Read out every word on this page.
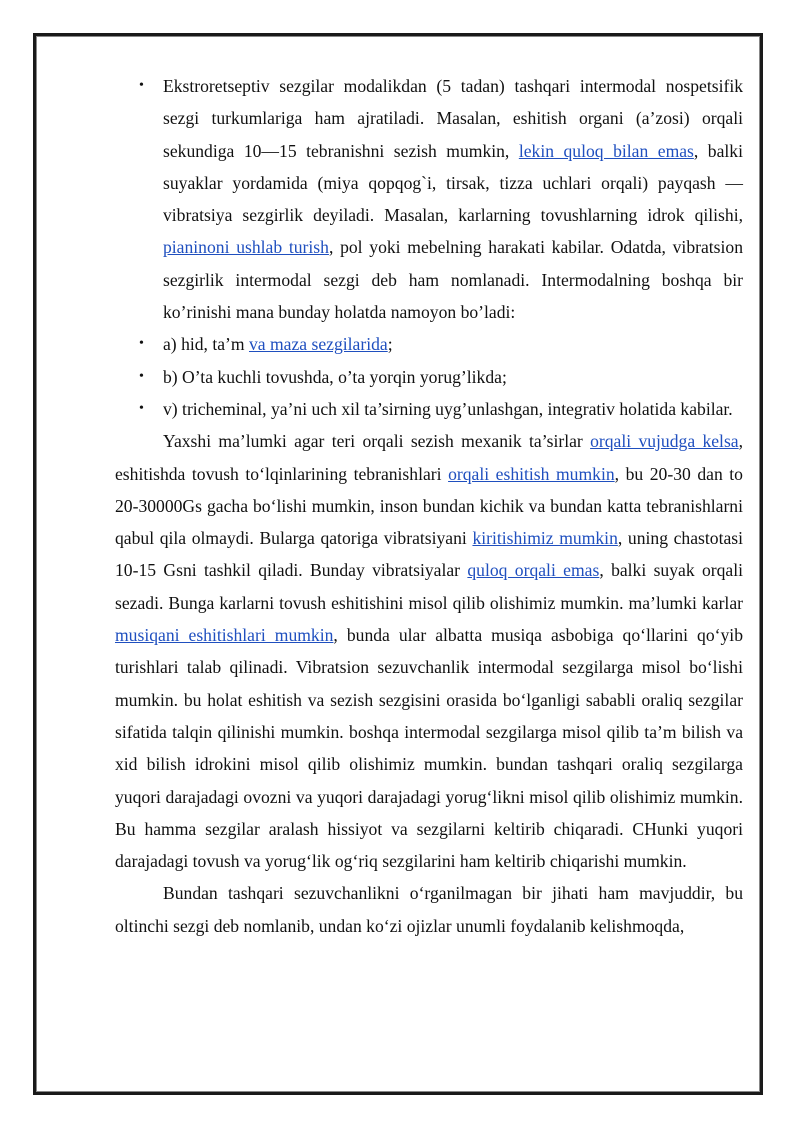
• Ekstroretseptiv sezgilar modalikdan (5 tadan) tashqari intermodal nospetsifik sezgi turkumlariga ham ajratiladi. Masalan, eshitish organi (a’zosi) orqali sekundiga 10—15 tebranishni sezish mumkin, lekin quloq bilan emas, balki suyaklar yordamida (miya qopqog`i, tirsak, tizza uchlari orqali) payqash — vibratsiya sezgirlik deyiladi. Masalan, karlarning tovushlarning idrok qilishi, pianinoni ushlab turish, pol yoki mebelning harakati kabilar. Odatda, vibratsion sezgirlik intermodal sezgi deb ham nomlanadi. Intermodalning boshqa bir ko’rinishi mana bunday holatda namoyon bo’ladi:
• a) hid, ta’m va maza sezgilarida;
• b) O’ta kuchli tovushda, o’ta yorqin yorug’likda;
• v) tricheminal, ya’ni uch xil ta’sirning uyg’unlashgan, integrativ holatida kabilar.

Yaxshi ma’lumki agar teri orqali sezish mexanik ta’sirlar orqali vujudga kelsa, eshitishda tovush to‘lqinlarining tebranishlari orqali eshitish mumkin, bu 20-30 dan to 20-30000Gs gacha bo‘lishi mumkin, inson bundan kichik va bundan katta tebranishlarni qabul qila olmaydi. Bularga qatoriga vibratsiyani kiritishimiz mumkin, uning chastotasi 10-15 Gsni tashkil qiladi. Bunday vibratsiyalar quloq orqali emas, balki suyak orqali sezadi. Bunga karlarni tovush eshitishini misol qilib olishimiz mumkin. ma’lumki karlar musiqani eshitishlari mumkin, bunda ular albatta musiqa asbobiga qo‘llarini qo‘yib turishlari talab qilinadi. Vibratsion sezuvchanlik intermodal sezgilarga misol bo‘lishi mumkin. bu holat eshitish va sezish sezgisini orasida bo‘lganligi sababli oraliq sezgilar sifatida talqin qilinishi mumkin. boshqa intermodal sezgilarga misol qilib ta’m bilish va xid bilish idrokini misol qilib olishimiz mumkin. bundan tashqari oraliq sezgilarga yuqori darajadagi ovozni va yuqori darajadagi yorug‘likni misol qilib olishimiz mumkin. Bu hamma sezgilar aralash hissiyot va sezgilarni keltirib chiqaradi. CHunki yuqori darajadagi tovush va yorug‘lik og‘riq sezgilarini ham keltirib chiqarishi mumkin.

Bundan tashqari sezuvchanlikni o‘rganilmagan bir jihati ham mavjuddir, bu oltinchi sezgi deb nomlanib, undan ko‘zi ojizlar unumli foydalanib kelishmoqda,
